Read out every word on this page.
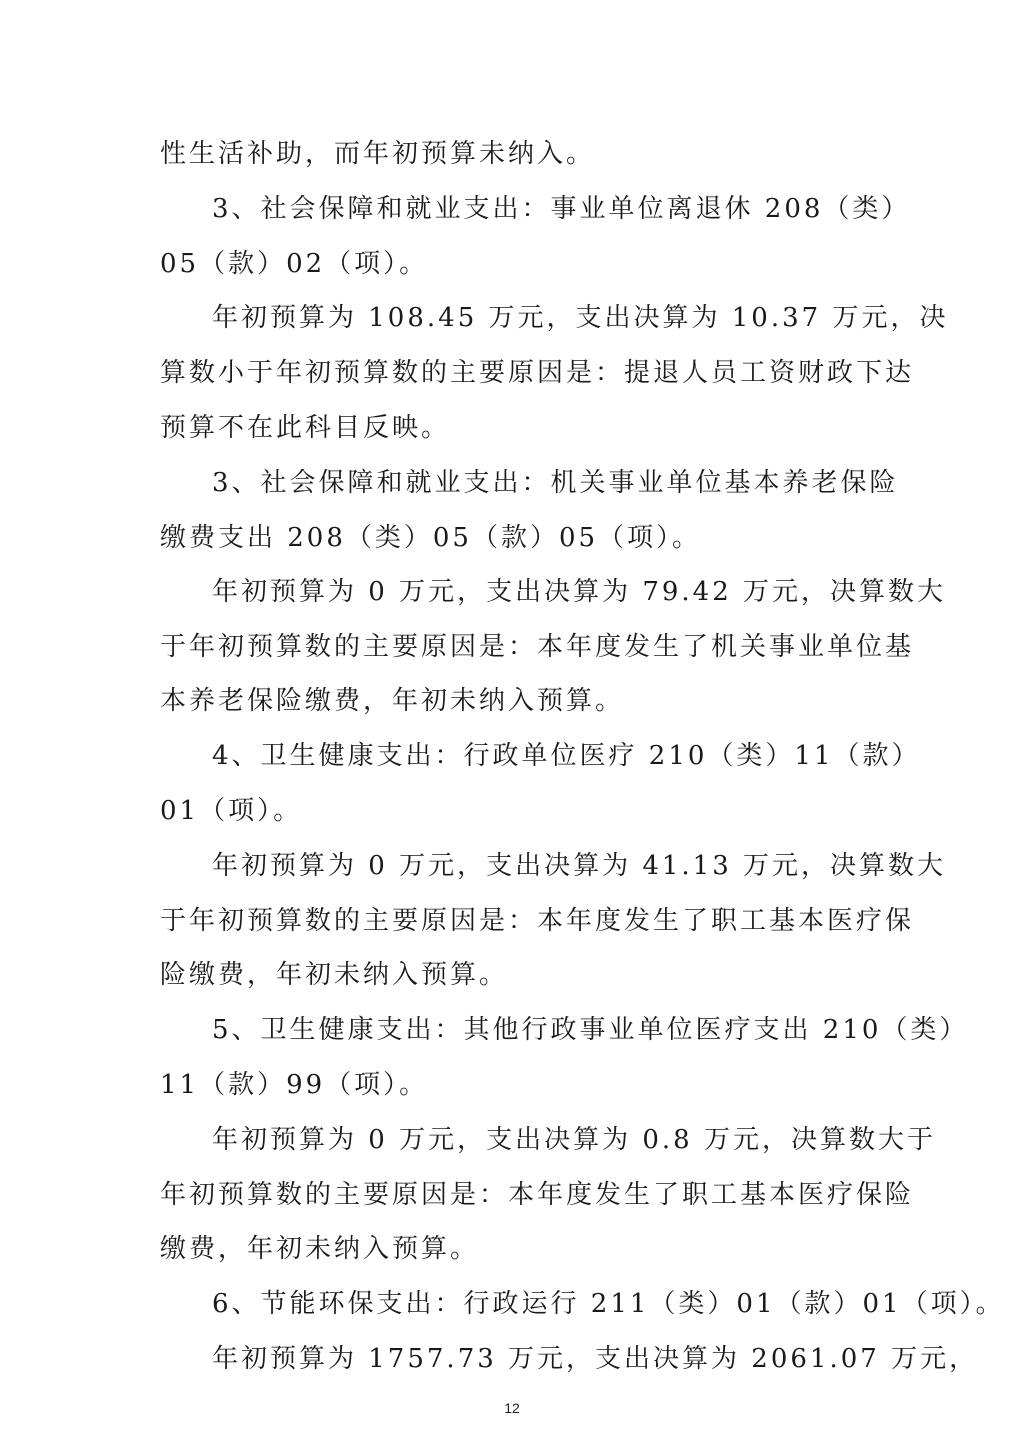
性生活补助，而年初预算未纳入。

3、社会保障和就业支出：事业单位离退休 208（类）

05（款）02（项）。

年初预算为 108.45 万元，支出决算为 10.37 万元，决

算数小于年初预算数的主要原因是：提退人员工资财政下达

预算不在此科目反映。

3、社会保障和就业支出：机关事业单位基本养老保险

缴费支出 208（类）05（款）05（项）。

年初预算为 0 万元，支出决算为 79.42 万元，决算数大

于年初预算数的主要原因是：本年度发生了机关事业单位基

本养老保险缴费，年初未纳入预算。

4、卫生健康支出：行政单位医疗 210（类）11（款）

01（项）。

年初预算为 0 万元，支出决算为 41.13 万元，决算数大

于年初预算数的主要原因是：本年度发生了职工基本医疗保

险缴费，年初未纳入预算。

5、卫生健康支出：其他行政事业单位医疗支出 210（类）

11（款）99（项）。

年初预算为 0 万元，支出决算为 0.8 万元，决算数大于

年初预算数的主要原因是：本年度发生了职工基本医疗保险

缴费，年初未纳入预算。

6、节能环保支出：行政运行 211（类）01（款）01（项）。

年初预算为 1757.73 万元，支出决算为 2061.07 万元，

12
